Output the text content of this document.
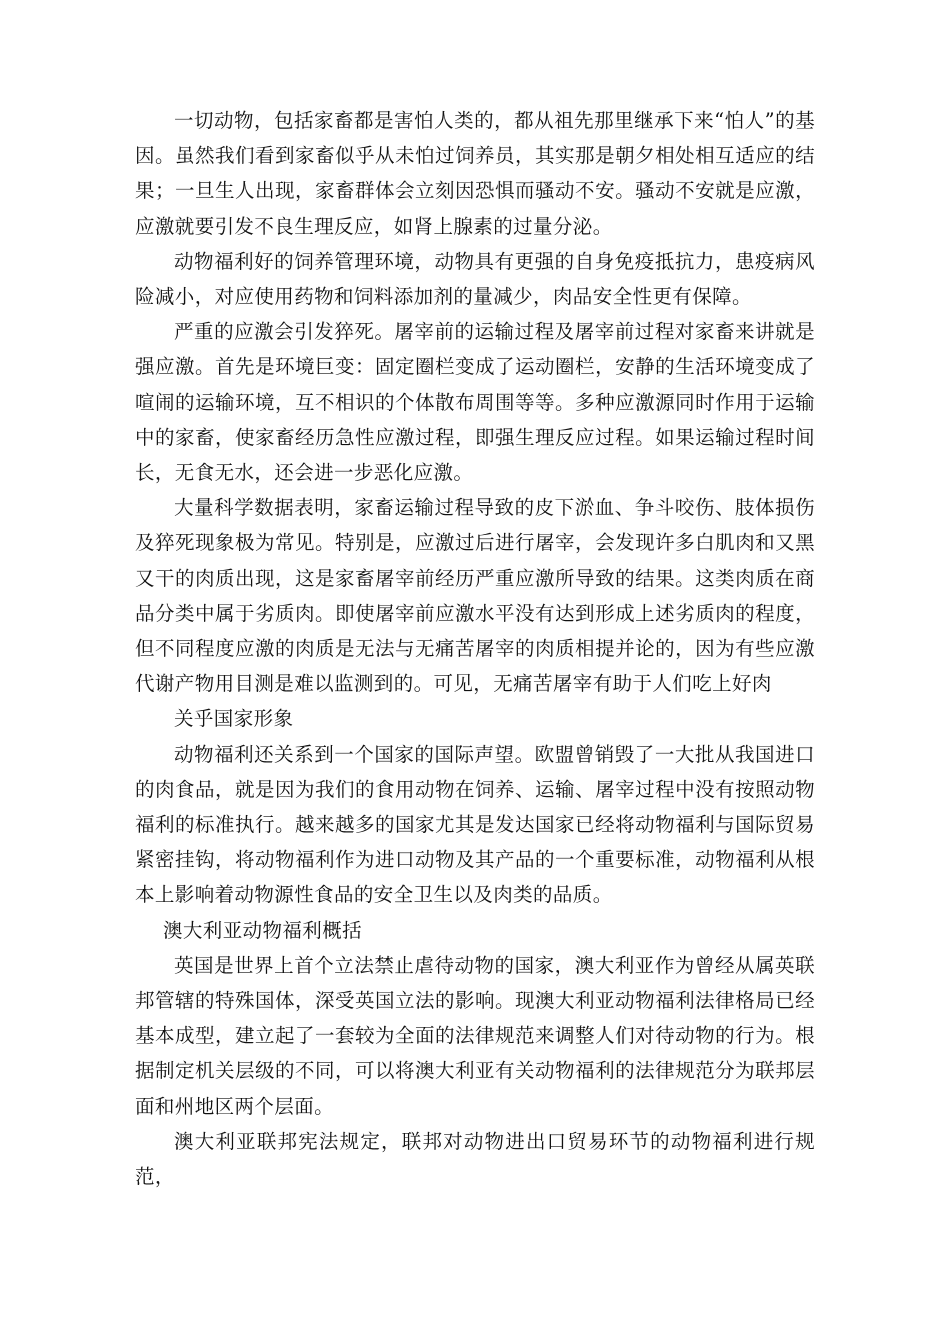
一切动物，包括家畜都是害怕人类的，都从祖先那里继承下来“怕人”的基因。虽然我们看到家畜似乎从未怕过饲养员，其实那是朝夕相处相互适应的结果；一旦生人出现，家畜群体会立刻因恐惧而骚动不安。骚动不安就是应激，应激就要引发不良生理反应，如肾上腺素的过量分泌。

动物福利好的饲养管理环境，动物具有更强的自身免疫抵抗力，患疫病风险减小，对应使用药物和饲料添加剂的量减少，肉品安全性更有保障。

严重的应激会引发猝死。屠宰前的运输过程及屠宰前过程对家畜来讲就是强应激。首先是环境巨变：固定圈栏变成了运动圈栏，安静的生活环境变成了喧闹的运输环境，互不相识的个体散布周围等等。多种应激源同时作用于运输中的家畜，使家畜经历急性应激过程，即强生理反应过程。如果运输过程时间长，无食无水，还会进一步恶化应激。

大量科学数据表明，家畜运输过程导致的皮下淤血、争斗咬伤、肢体损伤及猝死现象极为常见。特别是，应激过后进行屠宰，会发现许多白肌肉和又黑又干的肉质出现，这是家畜屠宰前经历严重应激所导致的结果。这类肉质在商品分类中属于劣质肉。即使屠宰前应激水平没有达到形成上述劣质肉的程度，但不同程度应激的肉质是无法与无痛苦屠宰的肉质相提并论的，因为有些应激代谢产物用目测是难以监测到的。可见，无痛苦屠宰有助于人们吃上好肉

关乎国家形象

动物福利还关系到一个国家的国际声望。欧盟曾销毁了一大批从我国进口的肉食品，就是因为我们的食用动物在饲养、运输、屠宰过程中没有按照动物福利的标准执行。越来越多的国家尤其是发达国家已经将动物福利与国际贸易紧密挂钩，将动物福利作为进口动物及其产品的一个重要标准，动物福利从根本上影响着动物源性食品的安全卫生以及肉类的品质。

澳大利亚动物福利概括

英国是世界上首个立法禁止虐待动物的国家，澳大利亚作为曾经从属英联邦管辖的特殊国体，深受英国立法的影响。现澳大利亚动物福利法律格局已经基本成型，建立起了一套较为全面的法律规范来调整人们对待动物的行为。根据制定机关层级的不同，可以将澳大利亚有关动物福利的法律规范分为联邦层面和州地区两个层面。

澳大利亚联邦宪法规定，联邦对动物进出口贸易环节的动物福利进行规范，
